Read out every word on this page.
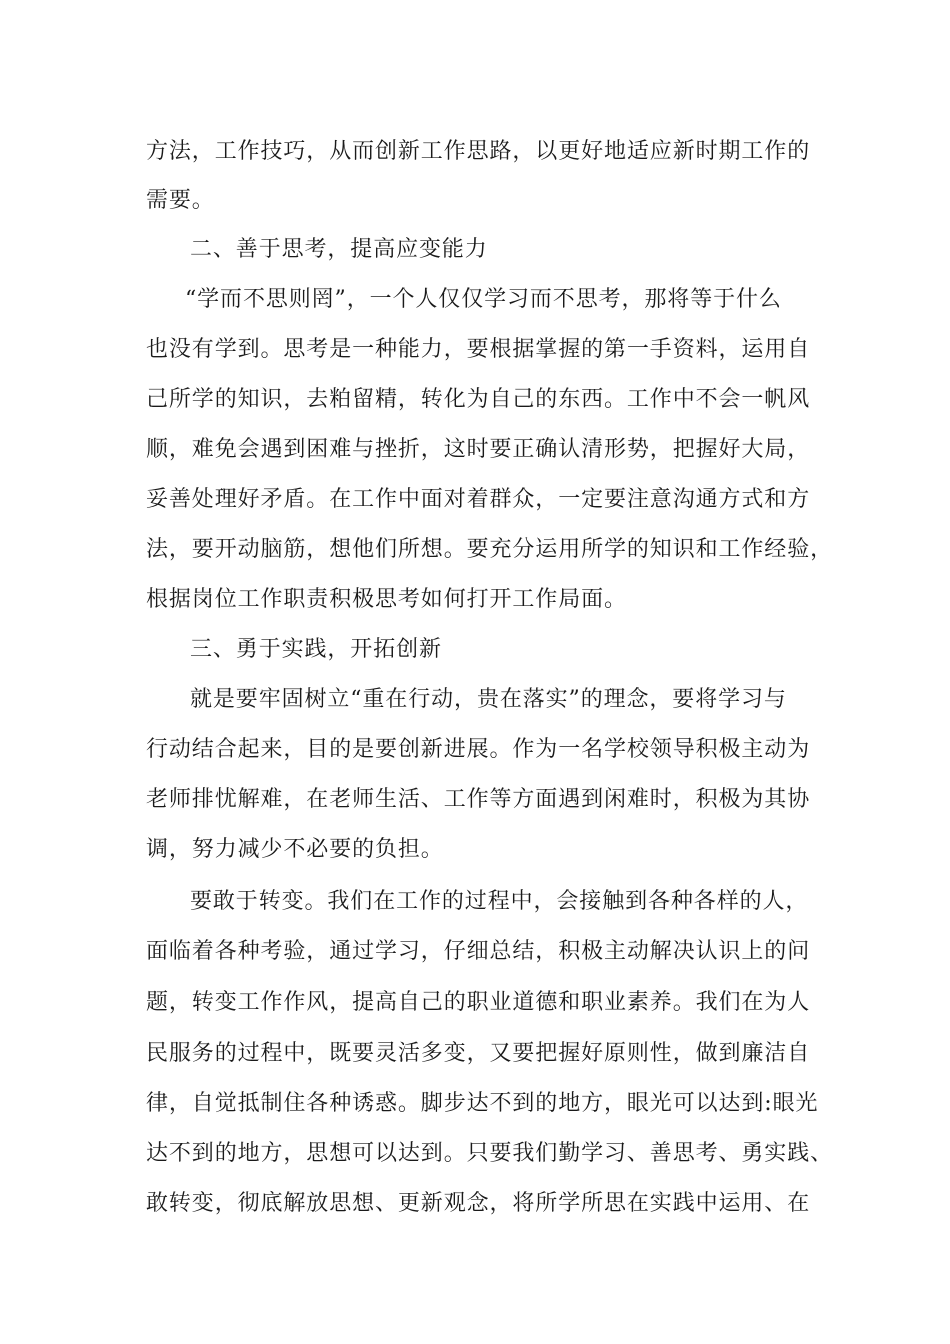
方法，工作技巧，从而创新工作思路，以更好地适应新时期工作的
需要。
二、善于思考，提高应变能力
“学而不思则罔”，一个人仅仅学习而不思考，那将等于什么
也没有学到。思考是一种能力，要根据掌握的第一手资料，运用自
己所学的知识，去粕留精，转化为自己的东西。工作中不会一帆风
顺，难免会遇到困难与挫折，这时要正确认清形势，把握好大局，
妥善处理好矛盾。在工作中面对着群众，一定要注意沟通方式和方
法，要开动脑筋，想他们所想。要充分运用所学的知识和工作经验，
根据岗位工作职责积极思考如何打开工作局面。
三、勇于实践，开拓创新
就是要牢固树立“重在行动，贵在落实”的理念，要将学习与
行动结合起来，目的是要创新进展。作为一名学校领导积极主动为
老师排忧解难，在老师生活、工作等方面遇到闲难时，积极为其协
调，努力减少不必要的负担。
要敢于转变。我们在工作的过程中，会接触到各种各样的人，
面临着各种考验，通过学习，仔细总结，积极主动解决认识上的问
题，转变工作作风，提高自己的职业道德和职业素养。我们在为人
民服务的过程中，既要灵活多变，又要把握好原则性，做到廉洁自
律，自觉抵制住各种诱惑。脚步达不到的地方，眼光可以达到:眼光
达不到的地方，思想可以达到。只要我们勤学习、善思考、勇实践、
敢转变，彻底解放思想、更新观念，将所学所思在实践中运用、在
